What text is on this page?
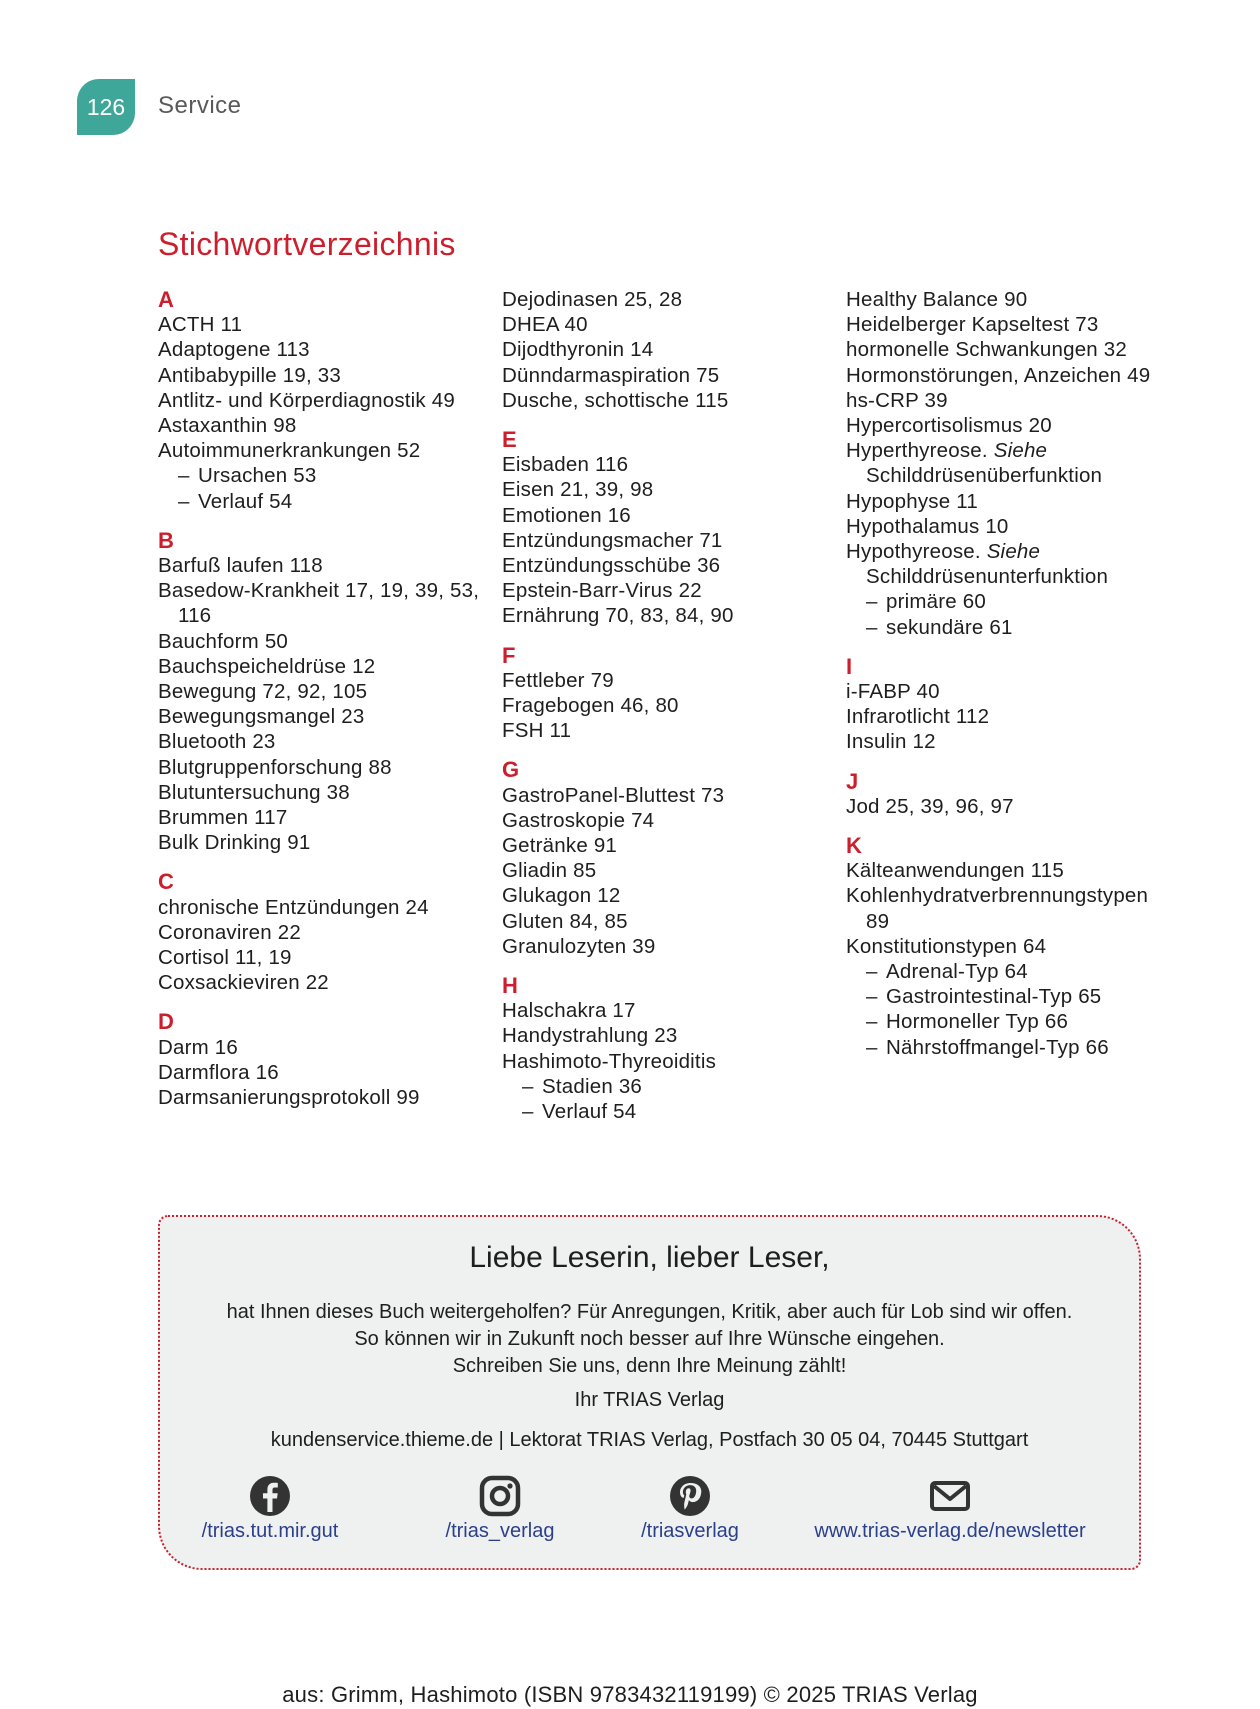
126	Service
Stichwortverzeichnis
A
ACTH 11
Adaptogene 113
Antibabypille 19, 33
Antlitz- und Körperdiagnostik 49
Astaxanthin 98
Autoimmunerkrankungen 52
– Ursachen 53
– Verlauf 54
B
Barfuß laufen 118
Basedow-Krankheit 17, 19, 39, 53, 116
Bauchform 50
Bauchspeicheldrüse 12
Bewegung 72, 92, 105
Bewegungsmangel 23
Bluetooth 23
Blutgruppenforschung 88
Blutuntersuchung 38
Brummen 117
Bulk Drinking 91
C
chronische Entzündungen 24
Coronaviren 22
Cortisol 11, 19
Coxsackieviren 22
D
Darm 16
Darmflora 16
Darmsanierungsprotokoll 99
Dejodinasen 25, 28
DHEA 40
Dijodthyronin 14
Dünndarmaspiration 75
Dusche, schottische 115
E
Eisbaden 116
Eisen 21, 39, 98
Emotionen 16
Entzündungsmacher 71
Entzündungsschübe 36
Epstein-Barr-Virus 22
Ernährung 70, 83, 84, 90
F
Fettleber 79
Fragebogen 46, 80
FSH 11
G
GastroPanel-Bluttest 73
Gastroskopie 74
Getränke 91
Gliadin 85
Glukagon 12
Gluten 84, 85
Granulozyten 39
H
Halschakra 17
Handystrahlung 23
Hashimoto-Thyreoiditis
– Stadien 36
– Verlauf 54
Healthy Balance 90
Heidelberger Kapseltest 73
hormonelle Schwankungen 32
Hormonstörungen, Anzeichen 49
hs-CRP 39
Hypercortisolismus 20
Hyperthyreose. Siehe Schilddrüsenüberfunktion
Hypophyse 11
Hypothalamus 10
Hypothyreose. Siehe Schilddrüsenunterfunktion
– primäre 60
– sekundäre 61
I
i-FABP 40
Infrarotlicht 112
Insulin 12
J
Jod 25, 39, 96, 97
K
Kälteanwendungen 115
Kohlenhydratverbrennungstypen 89
Konstitutionstypen 64
– Adrenal-Typ 64
– Gastrointestinal-Typ 65
– Hormoneller Typ 66
– Nährstoffmangel-Typ 66
Liebe Leserin, lieber Leser,
hat Ihnen dieses Buch weitergeholfen? Für Anregungen, Kritik, aber auch für Lob sind wir offen.
So können wir in Zukunft noch besser auf Ihre Wünsche eingehen.
Schreiben Sie uns, denn Ihre Meinung zählt!
Ihr TRIAS Verlag
kundenservice.thieme.de | Lektorat TRIAS Verlag, Postfach 30 05 04, 70445 Stuttgart
/trias.tut.mir.gut	/trias_verlag	/triasverlag	www.trias-verlag.de/newsletter
aus: Grimm, Hashimoto (ISBN 9783432119199) © 2025 TRIAS Verlag
